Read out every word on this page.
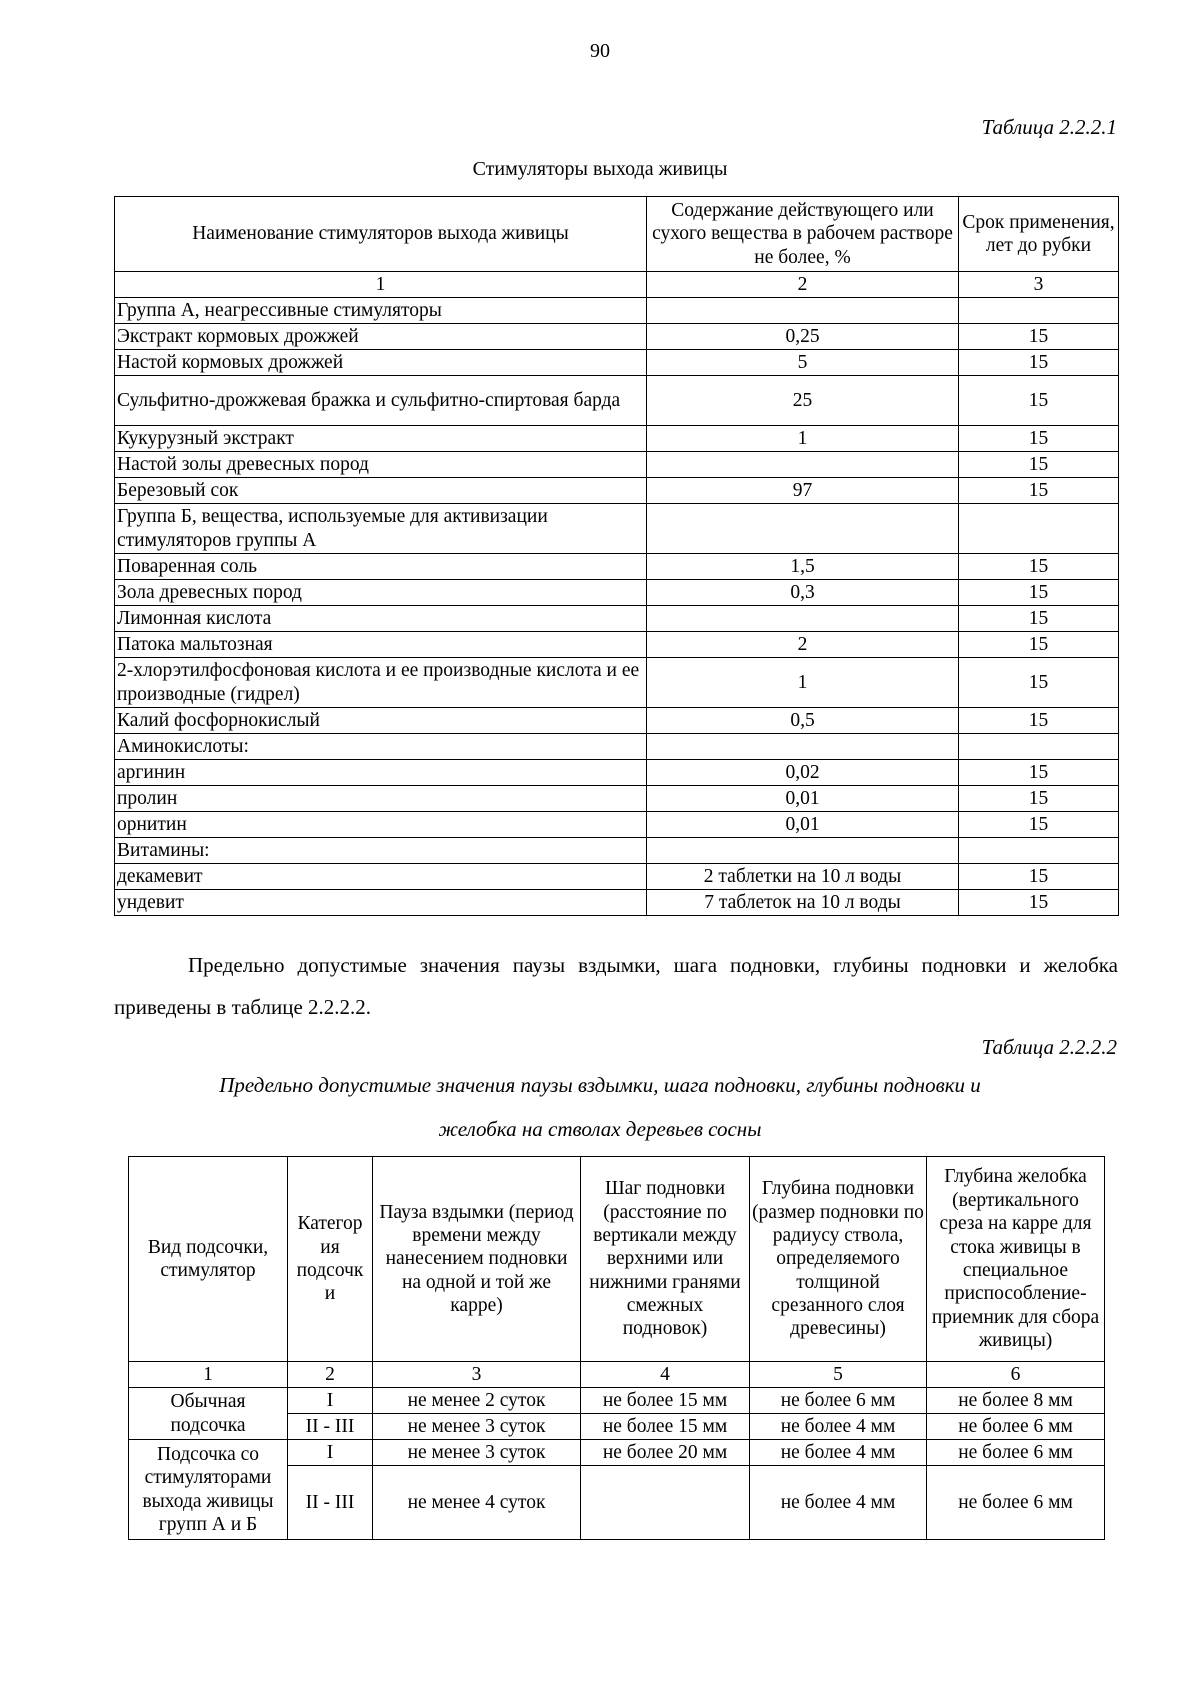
90
Таблица 2.2.2.1
Стимуляторы выхода живицы
Наименование стимуляторов выхода живицы	Содержание действующего или сухого вещества в рабочем растворе не более, %	Срок применения, лет до рубки
1	2	3
Группа А, неагрессивные стимуляторы		
Экстракт кормовых дрожжей	0,25	15
Настой кормовых дрожжей	5	15
Сульфитно-дрожжевая бражка и сульфитно-спиртовая барда	25	15
Кукурузный экстракт	1	15
Настой золы древесных пород		15
Березовый сок	97	15
Группа Б, вещества, используемые для активизации стимуляторов группы А		
Поваренная соль	1,5	15
Зола древесных пород	0,3	15
Лимонная кислота		15
Патока мальтозная	2	15
2-хлорэтилфосфоновая кислота и ее производные кислота и ее производные (гидрел)	1	15
Калий фосфорнокислый	0,5	15
Аминокислоты:		
аргинин	0,02	15
пролин	0,01	15
орнитин	0,01	15
Витамины:		
декамевит	2 таблетки на 10 л воды	15
ундевит	7 таблеток на 10 л воды	15
Предельно допустимые значения паузы вздымки, шага подновки, глубины подновки и желобка приведены в таблице 2.2.2.2.
Таблица 2.2.2.2
Предельно допустимые значения паузы вздымки, шага подновки, глубины подновки и
желобка на стволах деревьев сосны
Вид подсочки, стимулятор	Категор ия подсочк и	Пауза вздымки (период времени между нанесением подновки на одной и той же карре)	Шаг подновки (расстояние по вертикали между верхними или нижними гранями смежных подновок)	Глубина подновки (размер подновки по радиусу ствола, определяемого толщиной срезанного слоя древесины)	Глубина желобка (вертикального среза на карре для стока живицы в специальное приспособление-приемник для сбора живицы)
1	2	3	4	5	6
Обычная подсочка	I	не менее 2 суток	не более 15 мм	не более 6 мм	не более 8 мм
	II - III	не менее 3 суток	не более 15 мм	не более 4 мм	не более 6 мм
Подсочка со стимуляторами выхода живицы групп А и Б	I	не менее 3 суток	не более 20 мм	не более 4 мм	не более 6 мм
	II - III	не менее 4 суток		не более 4 мм	не более 6 мм
